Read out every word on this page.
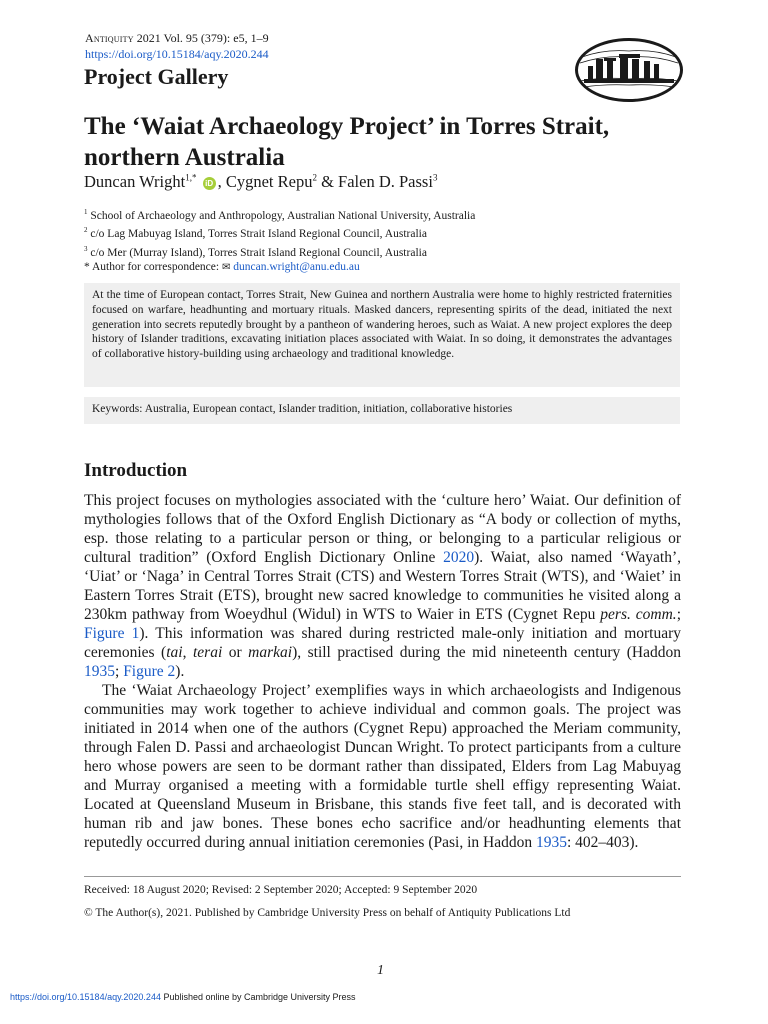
Antiquity 2021 Vol. 95 (379): e5, 1–9
https://doi.org/10.15184/aqy.2020.244
Project Gallery
The ‘Waiat Archaeology Project’ in Torres Strait,
northern Australia
Duncan Wright$^{1,*}$ iD , Cygnet Repu$^2$ & Falen D. Passi$^3$
$^1$ School of Archaeology and Anthropology, Australian National University, Australia
$^2$ c/o Lag Mabuyag Island, Torres Strait Island Regional Council, Australia
$^3$ c/o Mer (Murray Island), Torres Strait Island Regional Council, Australia
* Author for correspondence: ✉ duncan.wright@anu.edu.au
At the time of European contact, Torres Strait, New Guinea and northern Australia were home to highly restricted fraternities focused on warfare, headhunting and mortuary rituals. Masked dancers, representing spirits of the dead, initiated the next generation into secrets reputedly brought by a pantheon of wandering heroes, such as Waiat. A new project explores the deep history of Islander traditions, excavating initiation places associated with Waiat. In so doing, it demonstrates the advantages of collaborative history-building using archaeology and traditional knowledge.
Keywords: Australia, European contact, Islander tradition, initiation, collaborative histories
Introduction

This project focuses on mythologies associated with the ‘culture hero’ Waiat. Our definition of mythologies follows that of the Oxford English Dictionary as “A body or collection of myths, esp. those relating to a particular person or thing, or belonging to a particular religious or cultural tradition” (Oxford English Dictionary Online 2020). Waiat, also named ‘Wayath’, ‘Uiat’ or ‘Naga’ in Central Torres Strait (CTS) and Western Torres Strait (WTS), and ‘Waiet’ in Eastern Torres Strait (ETS), brought new sacred knowledge to communities he visited along a 230km pathway from Woeydhul (Widul) in WTS to Waier in ETS (Cygnet Repu pers. comm.; Figure 1). This information was shared during restricted male-only initiation and mortuary ceremonies (tai, terai or markai), still practised during the mid nineteenth century (Haddon 1935; Figure 2).

The ‘Waiat Archaeology Project’ exemplifies ways in which archaeologists and Indigenous communities may work together to achieve individual and common goals. The project was initiated in 2014 when one of the authors (Cygnet Repu) approached the Meriam community, through Falen D. Passi and archaeologist Duncan Wright. To protect participants from a culture hero whose powers are seen to be dormant rather than dissipated, Elders from Lag Mabuyag and Murray organised a meeting with a formidable turtle shell effigy representing Waiat. Located at Queensland Museum in Brisbane, this stands five feet tall, and is decorated with human rib and jaw bones. These bones echo sacrifice and/or headhunting elements that reputedly occurred during annual initiation ceremonies (Pasi, in Haddon 1935: 402–403).

Received: 18 August 2020; Revised: 2 September 2020; Accepted: 9 September 2020
© The Author(s), 2021. Published by Cambridge University Press on behalf of Antiquity Publications Ltd
1
https://doi.org/10.15184/aqy.2020.244 Published online by Cambridge University Press
